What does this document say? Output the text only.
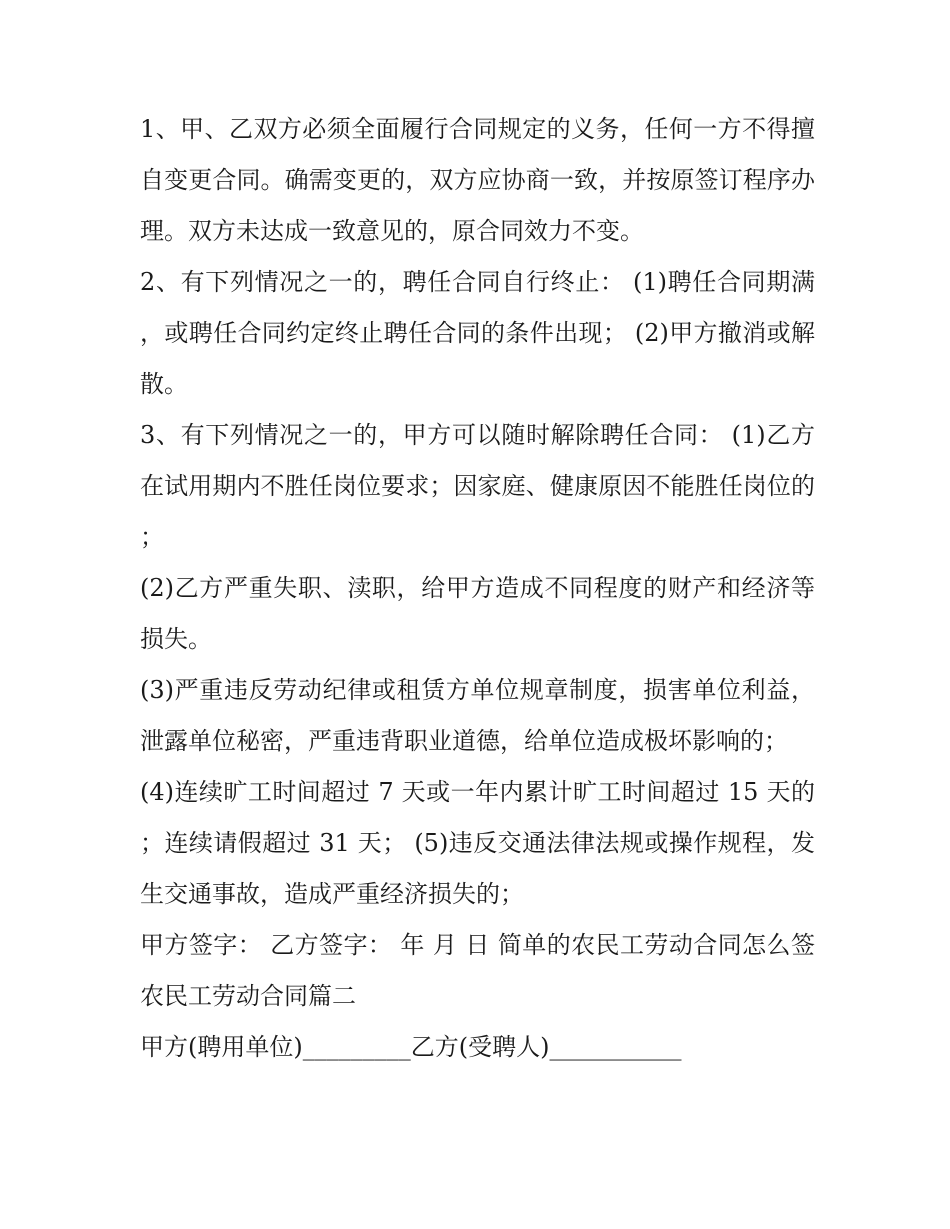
1、甲、乙双方必须全面履行合同规定的义务，任何一方不得擅自变更合同。确需变更的，双方应协商一致，并按原签订程序办理。双方未达成一致意见的，原合同效力不变。

2、有下列情况之一的，聘任合同自行终止： (1)聘任合同期满，或聘任合同约定终止聘任合同的条件出现； (2)甲方撤消或解散。

3、有下列情况之一的，甲方可以随时解除聘任合同： (1)乙方在试用期内不胜任岗位要求；因家庭、健康原因不能胜任岗位的；

(2)乙方严重失职、渎职，给甲方造成不同程度的财产和经济等损失。

(3)严重违反劳动纪律或租赁方单位规章制度，损害单位利益，泄露单位秘密，严重违背职业道德，给单位造成极坏影响的；

(4)连续旷工时间超过 7 天或一年内累计旷工时间超过 15 天的；连续请假超过 31 天； (5)违反交通法律法规或操作规程，发生交通事故，造成严重经济损失的；

甲方签字： 乙方签字： 年 月 日 简单的农民工劳动合同怎么签 农民工劳动合同篇二

甲方(聘用单位)_________乙方(受聘人)___________
